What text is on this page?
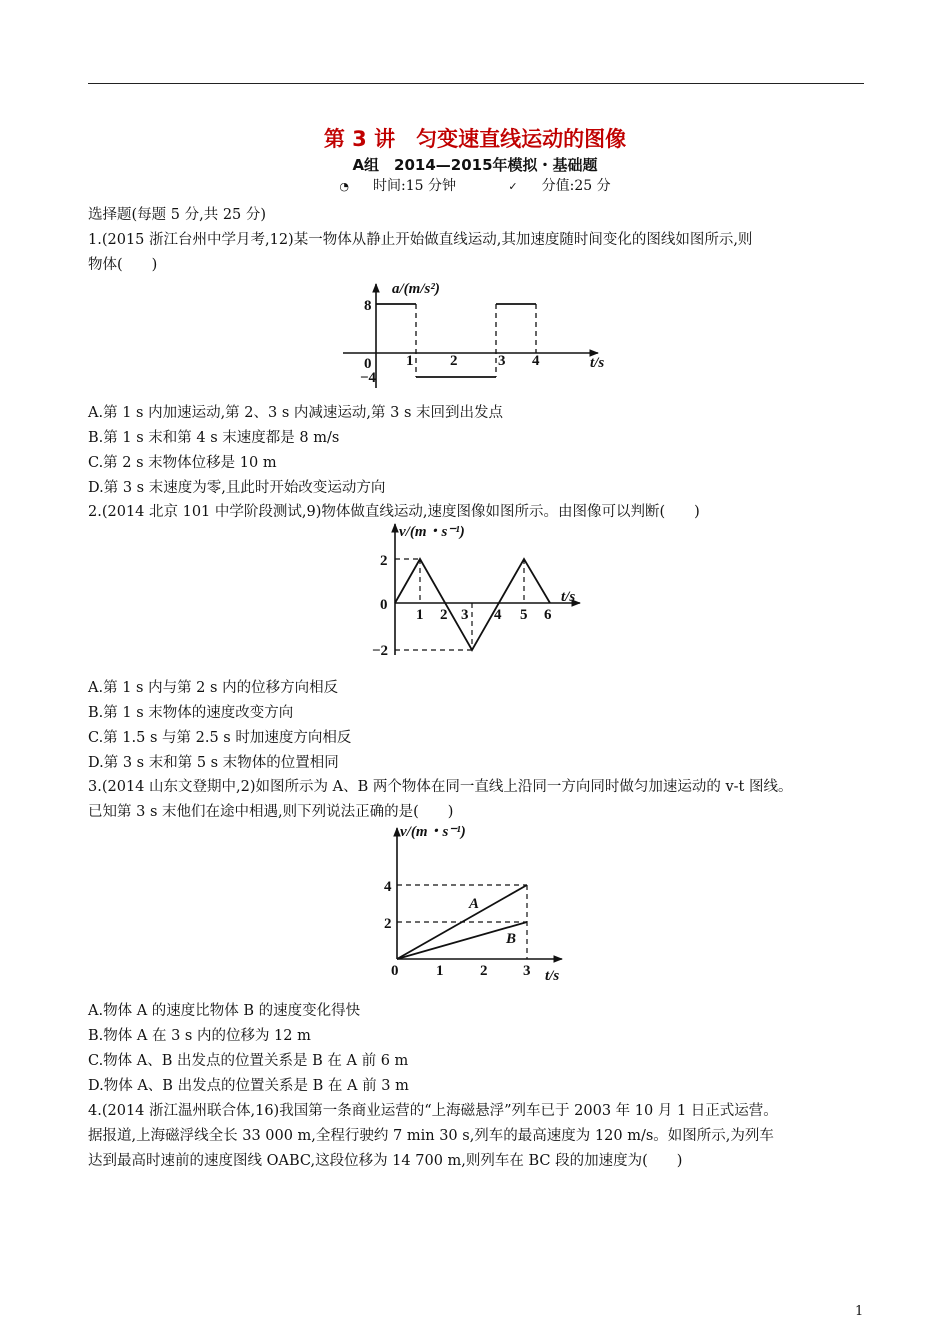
第 3 讲　匀变速直线运动的图像
A组　2014—2015年模拟・基础题
◔ 时间:15 分钟	✓ 分值:25 分
选择题(每题 5 分,共 25 分)
1.(2015 浙江台州中学月考,12)某一物体从静止开始做直线运动,其加速度随时间变化的图线如图所示,则
物体(　　)
a/(m/s²)
t/s
0 1 2	3 4
8
−4
A.第 1 s 内加速运动,第 2、3 s 内减速运动,第 3 s 末回到出发点
B.第 1 s 末和第 4 s 末速度都是 8 m/s
C.第 2 s 末物体位移是 10 m
D.第 3 s 末速度为零,且此时开始改变运动方向
2.(2014 北京 101 中学阶段测试,9)物体做直线运动,速度图像如图所示。由图像可以判断(　　)
v/(m・s⁻¹)
t/s
0
1 2 3 4 5 6
2
−2
A.第 1 s 内与第 2 s 内的位移方向相反
B.第 1 s 末物体的速度改变方向
C.第 1.5 s 与第 2.5 s 时加速度方向相反
D.第 3 s 末和第 5 s 末物体的位置相同
3.(2014 山东文登期中,2)如图所示为 A、B 两个物体在同一直线上沿同一方向同时做匀加速运动的 v-t 图线。
已知第 3 s 末他们在途中相遇,则下列说法正确的是(　　)
v/(m・s⁻¹)
t/s
0	1 2 3
4
2
A
B
A.物体 A 的速度比物体 B 的速度变化得快
B.物体 A 在 3 s 内的位移为 12 m
C.物体 A、B 出发点的位置关系是 B 在 A 前 6 m
D.物体 A、B 出发点的位置关系是 B 在 A 前 3 m
4.(2014 浙江温州联合体,16)我国第一条商业运营的“上海磁悬浮”列车已于 2003 年 10 月 1 日正式运营。
据报道,上海磁浮线全长 33 000 m,全程行驶约 7 min 30 s,列车的最高速度为 120 m/s。如图所示,为列车
达到最高时速前的速度图线 OABC,这段位移为 14 700 m,则列车在 BC 段的加速度为(　　)
1
